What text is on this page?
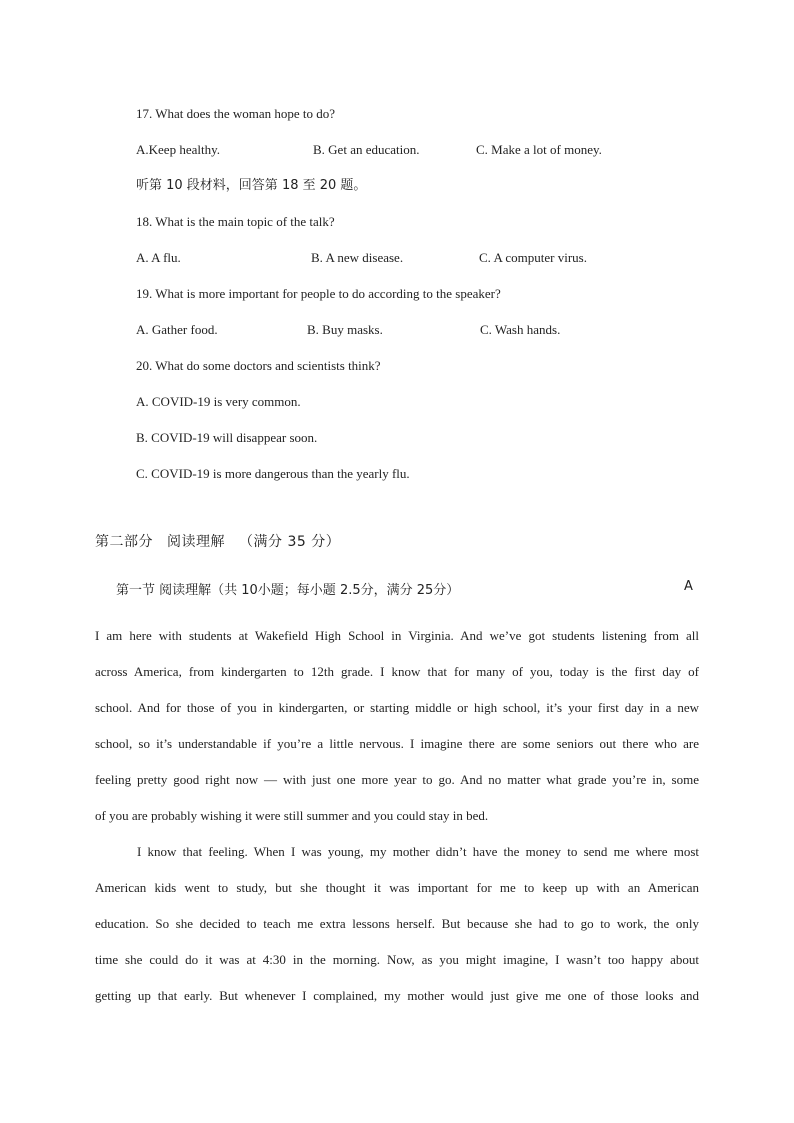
17. What does the woman hope to do?
A.Keep healthy.	B. Get an education.	C. Make a lot of money.
听第 10 段材料，回答第 18 至 20 题。
18. What is the main topic of the talk?
A. A flu.	B. A new disease.	C. A computer virus.
19. What is more important for people to do according to the speaker?
A. Gather food.	B. Buy masks.	C. Wash hands.
20. What do some doctors and scientists think?
A. COVID-19 is very common.
B. COVID-19 will disappear soon.
C. COVID-19 is more dangerous than the yearly flu.
第二部分 阅读理解 （满分 35 分）
第一节 阅读理解（共 10小题；每小题 2.5分，满分 25分）	A
I am here with students at Wakefield High School in Virginia. And we’ve got students listening from all
across America, from kindergarten to 12th grade. I know that for many of you, today is the first day of
school. And for those of you in kindergarten, or starting middle or high school, it’s your first day in a new
school, so it’s understandable if you’re a little nervous. I imagine there are some seniors out there who are
feeling pretty good right now — with just one more year to go. And no matter what grade you’re in, some
of you are probably wishing it were still summer and you could stay in bed.
I know that feeling. When I was young, my mother didn’t have the money to send me where most
American kids went to study, but she thought it was important for me to keep up with an American
education. So she decided to teach me extra lessons herself. But because she had to go to work, the only
time she could do it was at 4:30 in the morning. Now, as you might imagine, I wasn’t too happy about
getting up that early. But whenever I complained, my mother would just give me one of those looks and
